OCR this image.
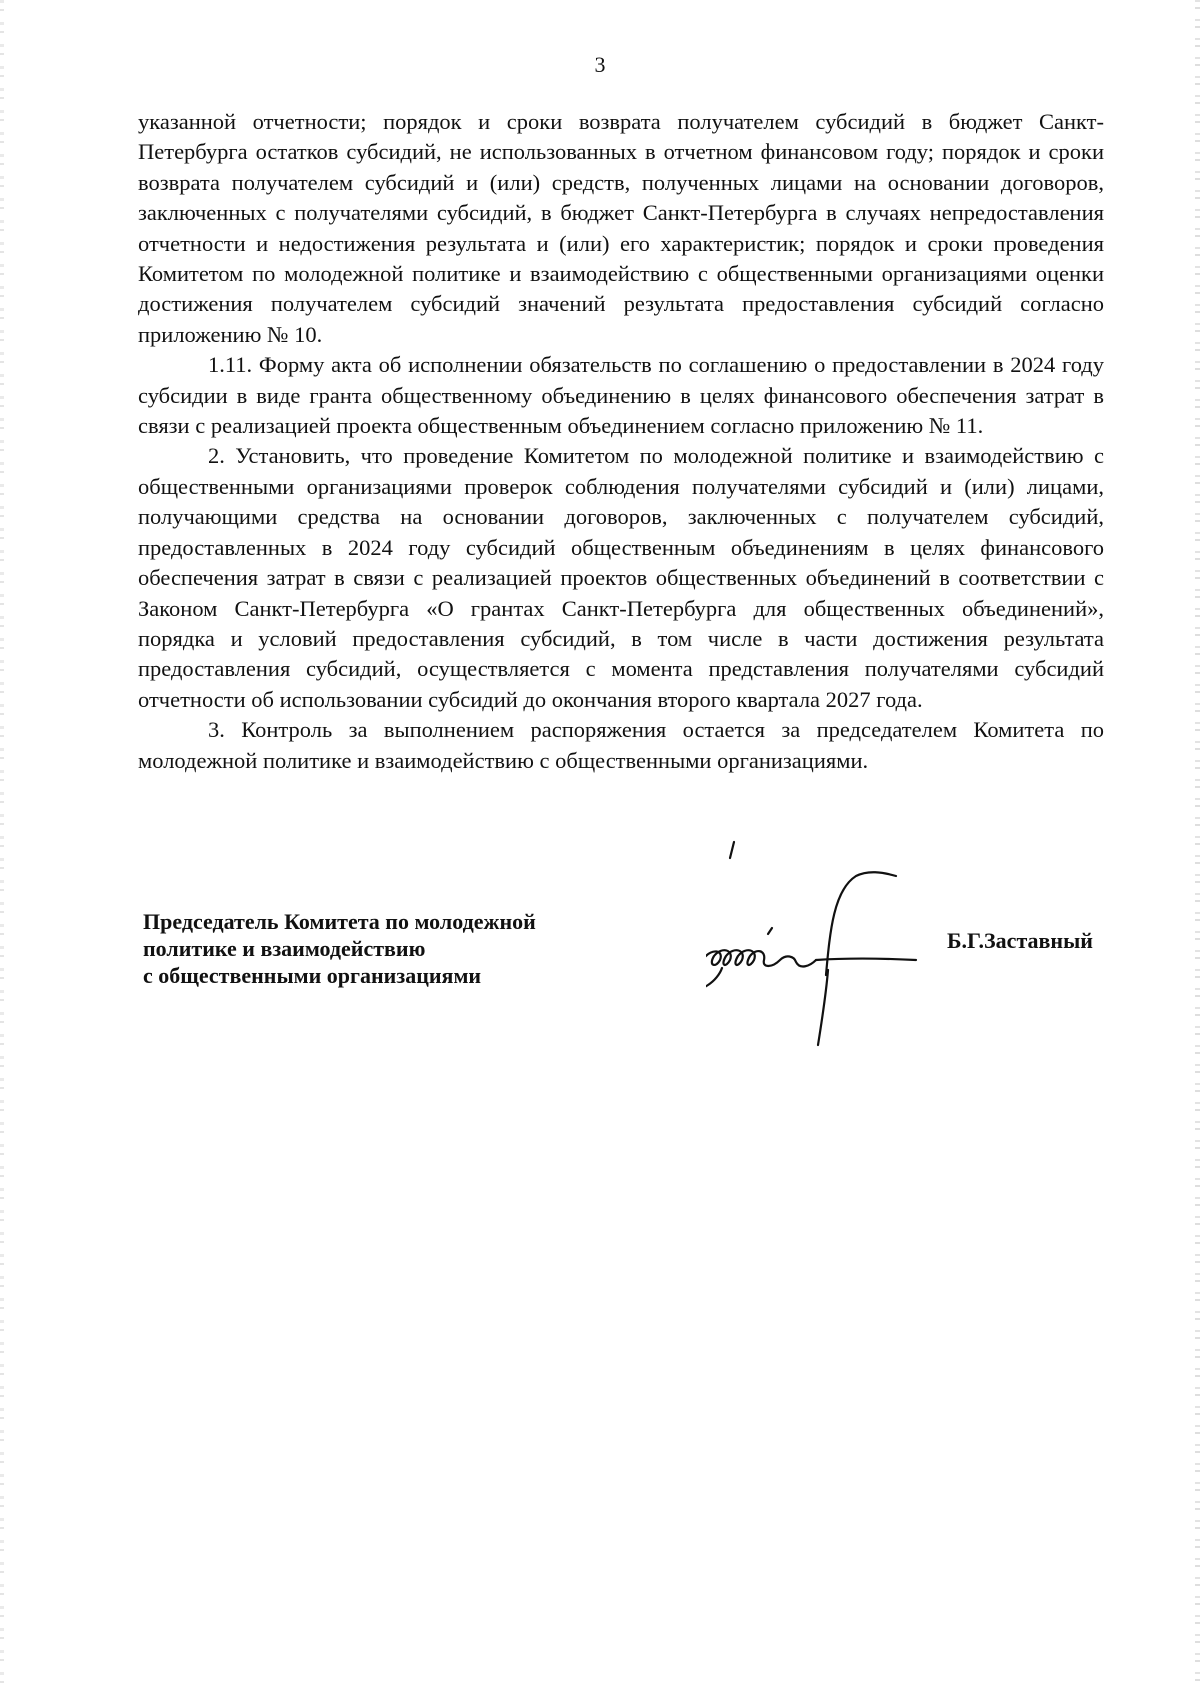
3

указанной отчетности; порядок и сроки возврата получателем субсидий в бюджет Санкт-Петербурга остатков субсидий, не использованных в отчетном финансовом году; порядок и сроки возврата получателем субсидий и (или) средств, полученных лицами на основании договоров, заключенных с получателями субсидий, в бюджет Санкт-Петербурга в случаях непредоставления отчетности и недостижения результата и (или) его характеристик; порядок и сроки проведения Комитетом по молодежной политике и взаимодействию с общественными организациями оценки достижения получателем субсидий значений результата предоставления субсидий согласно приложению № 10.

1.11. Форму акта об исполнении обязательств по соглашению о предоставлении в 2024 году субсидии в виде гранта общественному объединению в целях финансового обеспечения затрат в связи с реализацией проекта общественным объединением согласно приложению № 11.

2. Установить, что проведение Комитетом по молодежной политике и взаимодействию с общественными организациями проверок соблюдения получателями субсидий и (или) лицами, получающими средства на основании договоров, заключенных с получателем субсидий, предоставленных в 2024 году субсидий общественным объединениям в целях финансового обеспечения затрат в связи с реализацией проектов общественных объединений в соответствии с Законом Санкт-Петербурга «О грантах Санкт-Петербурга для общественных объединений», порядка и условий предоставления субсидий, в том числе в части достижения результата предоставления субсидий, осуществляется с момента представления получателями субсидий отчетности об использовании субсидий до окончания второго квартала 2027 года.

3. Контроль за выполнением распоряжения остается за председателем Комитета по молодежной политике и взаимодействию с общественными организациями.

Председатель Комитета по молодежной
политике и взаимодействию
с общественными организациями
Б.Г.Заставный
